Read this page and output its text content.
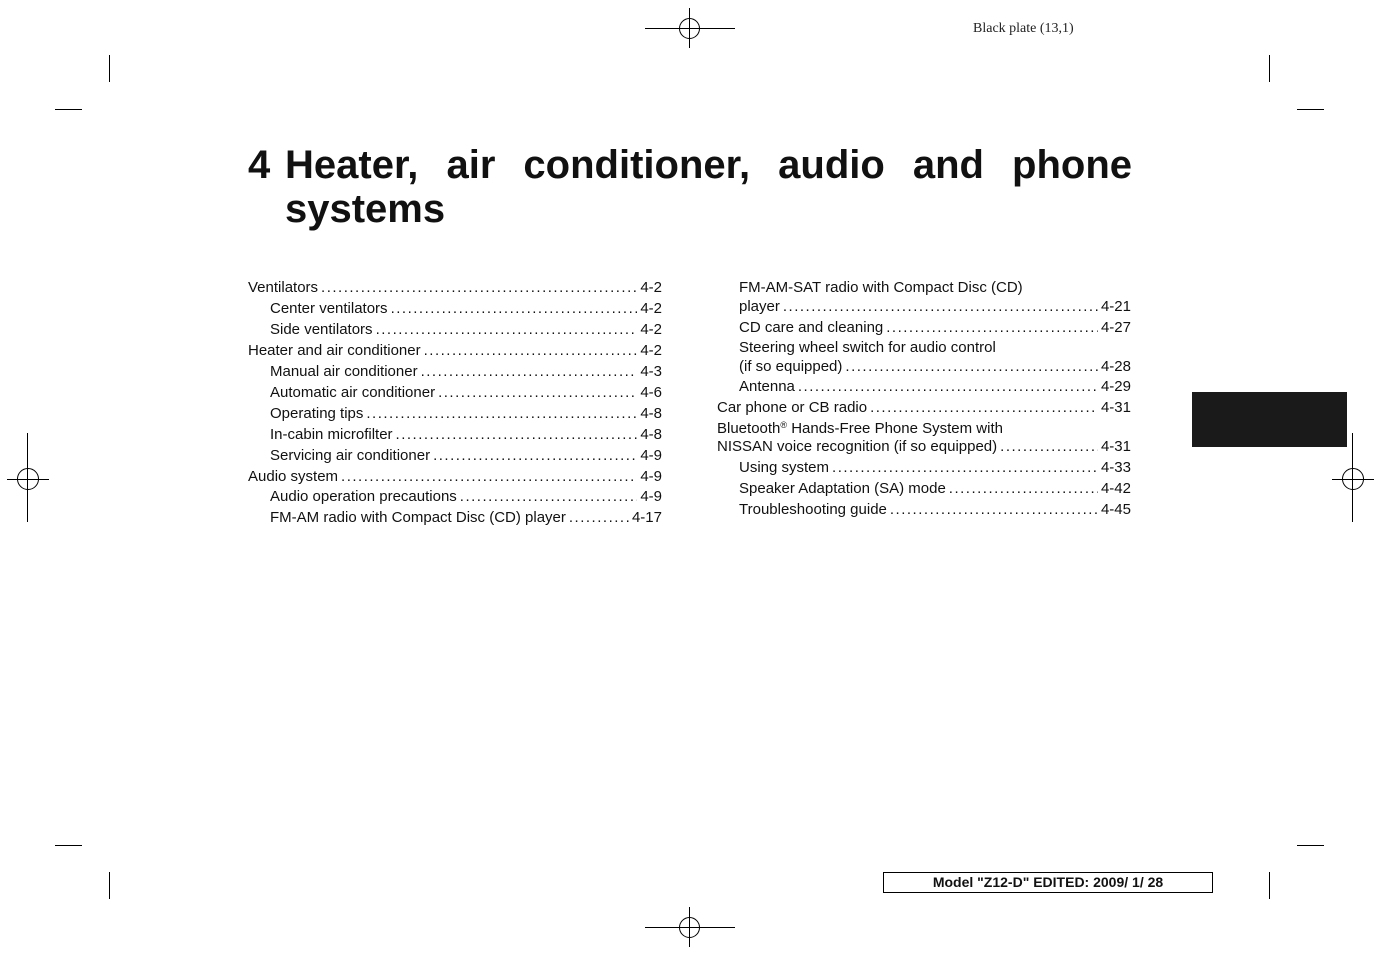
Black plate (13,1)
4 Heater, air conditioner, audio and phone systems
Ventilators .....	4-2
Center ventilators .....	4-2
Side ventilators .....	4-2
Heater and air conditioner .....	4-2
Manual air conditioner .....	4-3
Automatic air conditioner .....	4-6
Operating tips .....	4-8
In-cabin microfilter .....	4-8
Servicing air conditioner .....	4-9
Audio system .....	4-9
Audio operation precautions .....	4-9
FM-AM radio with Compact Disc (CD) player .....	4-17
FM-AM-SAT radio with Compact Disc (CD)
player .....	4-21
CD care and cleaning .....	4-27
Steering wheel switch for audio control
(if so equipped) .....	4-28
Antenna .....	4-29
Car phone or CB radio .....	4-31
Bluetooth® Hands-Free Phone System with
NISSAN voice recognition (if so equipped) .....	4-31
Using system .....	4-33
Speaker Adaptation (SA) mode .....	4-42
Troubleshooting guide .....	4-45
Model "Z12-D" EDITED: 2009/ 1/ 28
